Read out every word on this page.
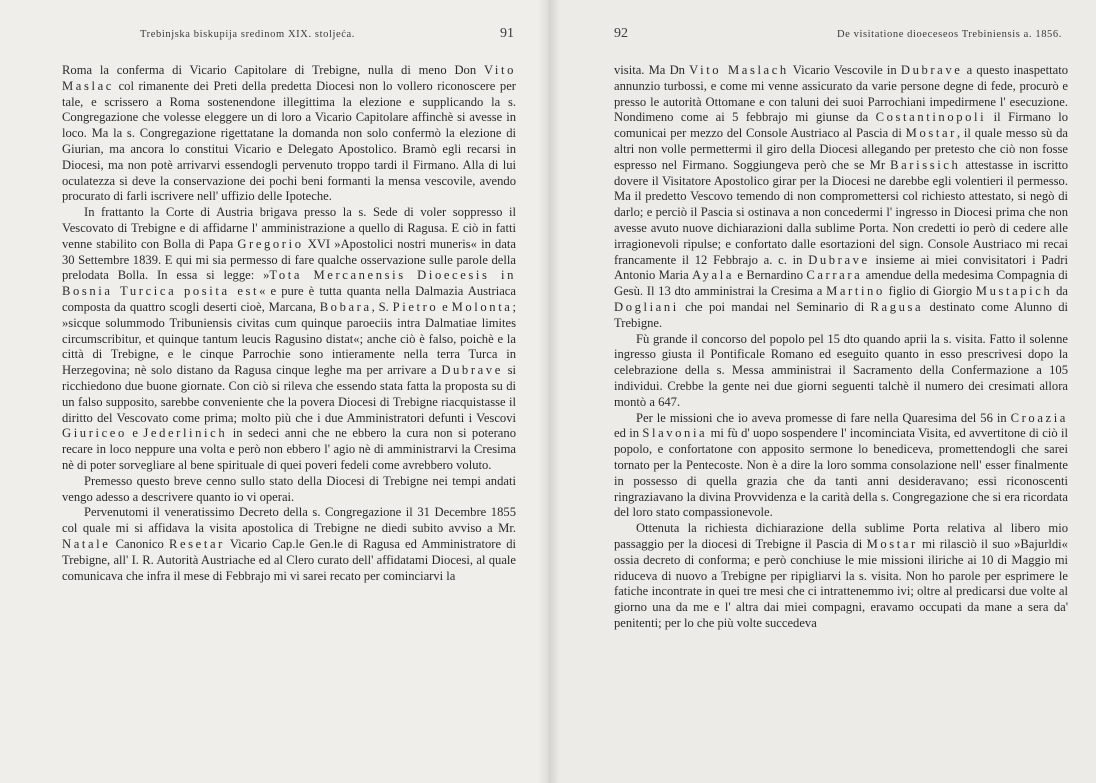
Trebinjska biskupija sredinom XIX. stoljeća.	91

Roma la conferma di Vicario Capitolare di Trebigne, nulla di meno Don Vito Maslac col rimanente dei Preti della predetta Diocesi non lo vollero riconoscere per tale, e scrissero a Roma sostenendone illegittima la elezione e supplicando la s. Congregazione che volesse eleggere un di loro a Vicario Capitolare affinchè si avesse in loco. Ma la s. Congregazione rigettatane la domanda non solo confermò la elezione di Giurian, ma ancora lo constitui Vicario e Delegato Apostolico. Bramò egli recarsi in Diocesi, ma non potè arrivarvi essendogli pervenuto troppo tardi il Firmano. Alla di lui oculatezza si deve la conservazione dei pochi beni formanti la mensa vescovile, avendo procurato di farli iscrivere nell' uffizio delle Ipoteche.

In frattanto la Corte di Austria brigava presso la s. Sede di voler soppresso il Vescovato di Trebigne e di affidarne l' amministrazione a quello di Ragusa. E ciò in fatti venne stabilito con Bolla di Papa Gregorio XVI »Apostolici nostri muneris« in data 30 Settembre 1839. E qui mi sia permesso di fare qualche osservazione sulle parole della prelodata Bolla. In essa si legge: »Tota Mercanensis Dioecesis in Bosnia Turcica posita est« e pure è tutta quanta nella Dalmazia Austriaca composta da quattro scogli deserti cioè, Marcana, Bobara, S. Pietro e Molonta; »sicque solummodo Tribuniensis civitas cum quinque paroeciis intra Dalmatiae limites circumscribitur, et quinque tantum leucis Ragusino distat«; anche ciò è falso, poichè e la città di Trebigne, e le cinque Parrochie sono intieramente nella terra Turca in Herzegovina; nè solo distano da Ragusa cinque leghe ma per arrivare a Dubrave si ricchiedono due buone giornate. Con ciò si rileva che essendo stata fatta la proposta su di un falso supposito, sarebbe conveniente che la povera Diocesi di Trebigne riacquistasse il diritto del Vescovato come prima; molto più che i due Amministratori defunti i Vescovi Giuriceo e Jederlinich in sedeci anni che ne ebbero la cura non si poterano recare in loco neppure una volta e però non ebbero l' agio nè di amministrarvi la Cresima nè di poter sorvegliare al bene spirituale di quei poveri fedeli come avrebbero voluto.

Premesso questo breve cenno sullo stato della Diocesi di Trebigne nei tempi andati vengo adesso a descrivere quanto io vi operai.

Pervenutomi il veneratissimo Decreto della s. Congregazione il 31 Decembre 1855 col quale mi si affidava la visita apostolica di Trebigne ne diedi subito avviso a Mr. Natale Canonico Resetar Vicario Cap.le Gen.le di Ragusa ed Amministratore di Trebigne, all' I. R. Autorità Austriache ed al Clero curato dell' affidatami Diocesi, al quale comunicava che infra il mese di Febbrajo mi vi sarei recato per cominciarvi la

92	De visitatione dioeceseos Trebiniensis a. 1856.

visita. Ma Dn Vito Maslach Vicario Vescovile in Dubrave a questo inaspettato annunzio turbossi, e come mi venne assicurato da varie persone degne di fede, procurò e presso le autorità Ottomane e con taluni dei suoi Parrochiani impedirmene l' esecuzione. Nondimeno come ai 5 febbrajo mi giunse da Costantinopoli il Firmano lo comunicai per mezzo del Console Austriaco al Pascia di Mostar, il quale messo sù da altri non volle permettermi il giro della Diocesi allegando per pretesto che ciò non fosse espresso nel Firmano. Soggiungeva però che se Mr Barissich attestasse in iscritto dovere il Visitatore Apostolico girar per la Diocesi ne darebbe egli volentieri il permesso. Ma il predetto Vescovo temendo di non compromettersi col richiesto attestato, si negò di darlo; e perciò il Pascia si ostinava a non concedermi l' ingresso in Diocesi prima che non avesse avuto nuove dichiarazioni dalla sublime Porta. Non credetti io però di cedere alle irragionevoli ripulse; e confortato dalle esortazioni del sign. Console Austriaco mi recai francamente il 12 Febbrajo a. c. in Dubrave insieme ai miei convisitatori i Padri Antonio Maria Ayala e Bernardino Carrara amendue della medesima Compagnia di Gesù. Il 13 dto amministrai la Cresima a Martino figlio di Giorgio Mustapich da Dogliani che poi mandai nel Seminario di Ragusa destinato come Alunno di Trebigne.

Fù grande il concorso del popolo pel 15 dto quando aprii la s. visita. Fatto il solenne ingresso giusta il Pontificale Romano ed eseguito quanto in esso prescrivesi dopo la celebrazione della s. Messa amministrai il Sacramento della Confermazione a 105 individui. Crebbe la gente nei due giorni seguenti talchè il numero dei cresimati allora montò a 647.

Per le missioni che io aveva promesse di fare nella Quaresima del 56 in Croazia ed in Slavonia mi fù d' uopo sospendere l' incominciata Visita, ed avvertitone di ciò il popolo, e confortatone con apposito sermone lo benediceva, promettendogli che sarei tornato per la Pentecoste. Non è a dire la loro somma consolazione nell' esser finalmente in possesso di quella grazia che da tanti anni desideravano; essi riconoscenti ringraziavano la divina Provvidenza e la carità della s. Congregazione che si era ricordata del loro stato compassionevole.

Ottenuta la richiesta dichiarazione della sublime Porta relativa al libero mio passaggio per la diocesi di Trebigne il Pascia di Mostar mi rilasciò il suo »Bajurldi« ossia decreto di conforma; e però conchiuse le mie missioni iliriche ai 10 di Maggio mi riduceva di nuovo a Trebigne per ripigliarvi la s. visita. Non ho parole per esprimere le fatiche incontrate in quei tre mesi che ci intrattenemmo ivi; oltre al predicarsi due volte al giorno una da me e l' altra dai miei compagni, eravamo occupati da mane a sera da' penitenti; per lo che più volte succedeva
